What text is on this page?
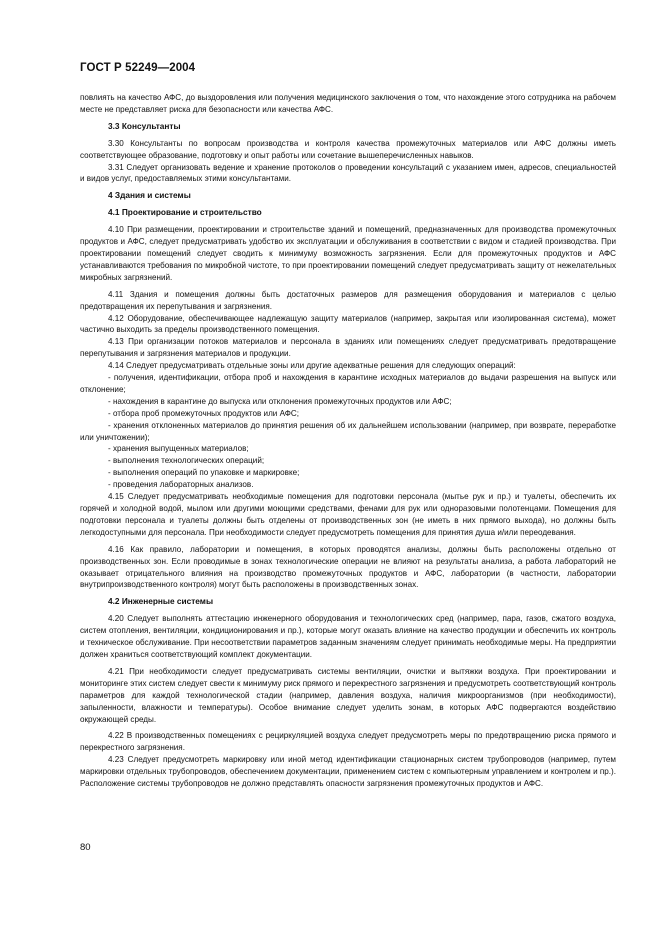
ГОСТ Р 52249—2004

повлиять на качество АФС, до выздоровления или получения медицинского заключения о том, что нахождение этого сотрудника на рабочем месте не представляет риска для безопасности или качества АФС.

3.3 Консультанты

3.30 Консультанты по вопросам производства и контроля качества промежуточных материалов или АФС должны иметь соответствующее образование, подготовку и опыт работы или сочетание вышеперечисленных навыков.

3.31 Следует организовать ведение и хранение протоколов о проведении консультаций с указанием имен, адресов, специальностей и видов услуг, предоставляемых этими консультантами.

4 Здания и системы
4.1 Проектирование и строительство

4.10 При размещении, проектировании и строительстве зданий и помещений, предназначенных для производства промежуточных продуктов и АФС, следует предусматривать удобство их эксплуатации и обслуживания в соответствии с видом и стадией производства. При проектировании помещений следует сводить к минимуму возможность загрязнения. Если для промежуточных продуктов и АФС устанавливаются требования по микробной чистоте, то при проектировании помещений следует предусматривать защиту от нежелательных микробных загрязнений.

4.11 Здания и помещения должны быть достаточных размеров для размещения оборудования и материалов с целью предотвращения их перепутывания и загрязнения.

4.12 Оборудование, обеспечивающее надлежащую защиту материалов (например, закрытая или изолированная система), может частично выходить за пределы производственного помещения.

4.13 При организации потоков материалов и персонала в зданиях или помещениях следует предусматривать предотвращение перепутывания и загрязнения материалов и продукции.

4.14 Следует предусматривать отдельные зоны или другие адекватные решения для следующих операций:

- получения, идентификации, отбора проб и нахождения в карантине исходных материалов до выдачи разрешения на выпуск или отклонение;

- нахождения в карантине до выпуска или отклонения промежуточных продуктов или АФС;

- отбора проб промежуточных продуктов или АФС;

- хранения отклоненных материалов до принятия решения об их дальнейшем использовании (например, при возврате, переработке или уничтожении);

- хранения выпущенных материалов;

- выполнения технологических операций;

- выполнения операций по упаковке и маркировке;

- проведения лабораторных анализов.

4.15 Следует предусматривать необходимые помещения для подготовки персонала (мытье рук и пр.) и туалеты, обеспечить их горячей и холодной водой, мылом или другими моющими средствами, фенами для рук или одноразовыми полотенцами. Помещения для подготовки персонала и туалеты должны быть отделены от производственных зон (не иметь в них прямого выхода), но должны быть легкодоступными для персонала. При необходимости следует предусмотреть помещения для принятия душа и/или переодевания.

4.16 Как правило, лаборатории и помещения, в которых проводятся анализы, должны быть расположены отдельно от производственных зон. Если проводимые в зонах технологические операции не влияют на результаты анализа, а работа лабораторий не оказывает отрицательного влияния на производство промежуточных продуктов и АФС, лаборатории (в частности, лаборатории внутрипроизводственного контроля) могут быть расположены в производственных зонах.

4.2 Инженерные системы

4.20 Следует выполнять аттестацию инженерного оборудования и технологических сред (например, пара, газов, сжатого воздуха, систем отопления, вентиляции, кондиционирования и пр.), которые могут оказать влияние на качество продукции и обеспечить их контроль и техническое обслуживание. При несоответствии параметров заданным значениям следует принимать необходимые меры. На предприятии должен храниться соответствующий комплект документации.

4.21 При необходимости следует предусматривать системы вентиляции, очистки и вытяжки воздуха. При проектировании и мониторинге этих систем следует свести к минимуму риск прямого и перекрестного загрязнения и предусмотреть соответствующий контроль параметров для каждой технологической стадии (например, давления воздуха, наличия микроорганизмов (при необходимости), запыленности, влажности и температуры). Особое внимание следует уделить зонам, в которых АФС подвергаются воздействию окружающей среды.

4.22 В производственных помещениях с рециркуляцией воздуха следует предусмотреть меры по предотвращению риска прямого и перекрестного загрязнения.

4.23 Следует предусмотреть маркировку или иной метод идентификации стационарных систем трубопроводов (например, путем маркировки отдельных трубопроводов, обеспечением документации, применением систем с компьютерным управлением и контролем и пр.). Расположение системы трубопроводов не должно представлять опасности загрязнения промежуточных продуктов и АФС.

80
